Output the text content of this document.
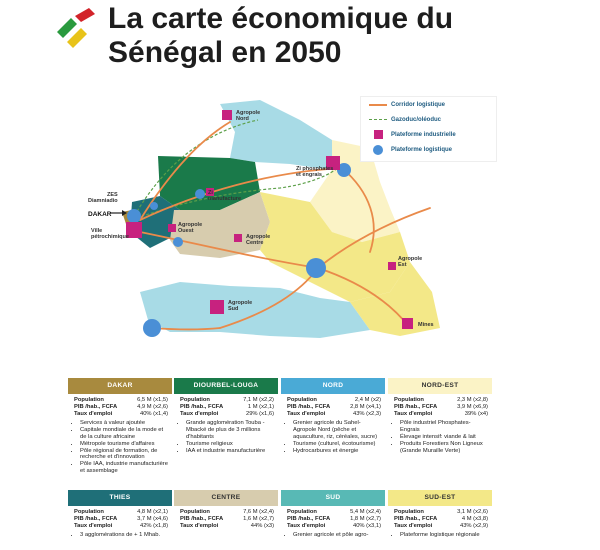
La carte économique du
Sénégal en 2050
Agropole
Nord
Zi phosphates
et engrais
ZES
Diamniadio
DAKAR
Zi
manufacture
Ville
pétrochimique
Agropole
Ouest
Agropole
Centre
Agropole
Est
Agropole
Sud
Mines
Corridor logistique
Gazoduc/oléoduc
Plateforme industrielle
Plateforme logistique
DAKAR
Population	6,5 M (x1,5)
PIB /hab., FCFA	4,9 M (x2,6)
Taux d'emploi	40% (x1,4)
• Services à valeur ajoutée
• Capitale mondiale de la mode et de la culture africaine
• Métropole tourisme d'affaires
• Pôle régional de formation, de recherche et d'innovation
• Pôle IAA, industrie manufacturière et assemblage
DIOURBEL-LOUGA
Population	7,1 M (x2,2)
PIB /hab., FCFA	1 M (x2,1)
Taux d'emploi	29% (x1,6)
• Grande agglomération Touba - Mbacké de plus de 3 millions d'habitants
• Tourisme religieux
• IAA et industrie manufacturière
NORD
Population	2,4 M (x2)
PIB /hab., FCFA	2,8 M (x4,1)
Taux d'emploi	43% (x2,3)
• Grenier agricole du Sahel- Agropole Nord (pêche et aquaculture, riz, céréales, sucre)
• Tourisme (culturel, écotourisme)
• Hydrocarbures et énergie
NORD-EST
Population	2,3 M (x2,8)
PIB /hab., FCFA	3,9 M (x6,9)
Taux d'emploi	39% (x4)
• Pôle industriel Phosphates- Engrais
• Élevage intensif: viande & lait
• Produits Forestiers Non Ligneux (Grande Muraille Verte)
THIES
Population	4,8 M (x2,1)
PIB /hab., FCFA	3,7 M (x4,6)
Taux d'emploi	42% (x1,8)
• 3 agglomérations de + 1 Mhab.
CENTRE
Population	7,6 M (x2,4)
PIB /hab., FCFA	1,6 M (x2,7)
Taux d'emploi	44% (x3)
SUD
Population	5,4 M (x2,4)
PIB /hab., FCFA	1,8 M (x2,7)
Taux d'emploi	40% (x3,1)
• Grenier agricole et pôle agro-
SUD-EST
Population	3,1 M (x2,6)
PIB /hab., FCFA	4 M (x3,8)
Taux d'emploi	43% (x2,9)
• Plateforme logistique régionale
